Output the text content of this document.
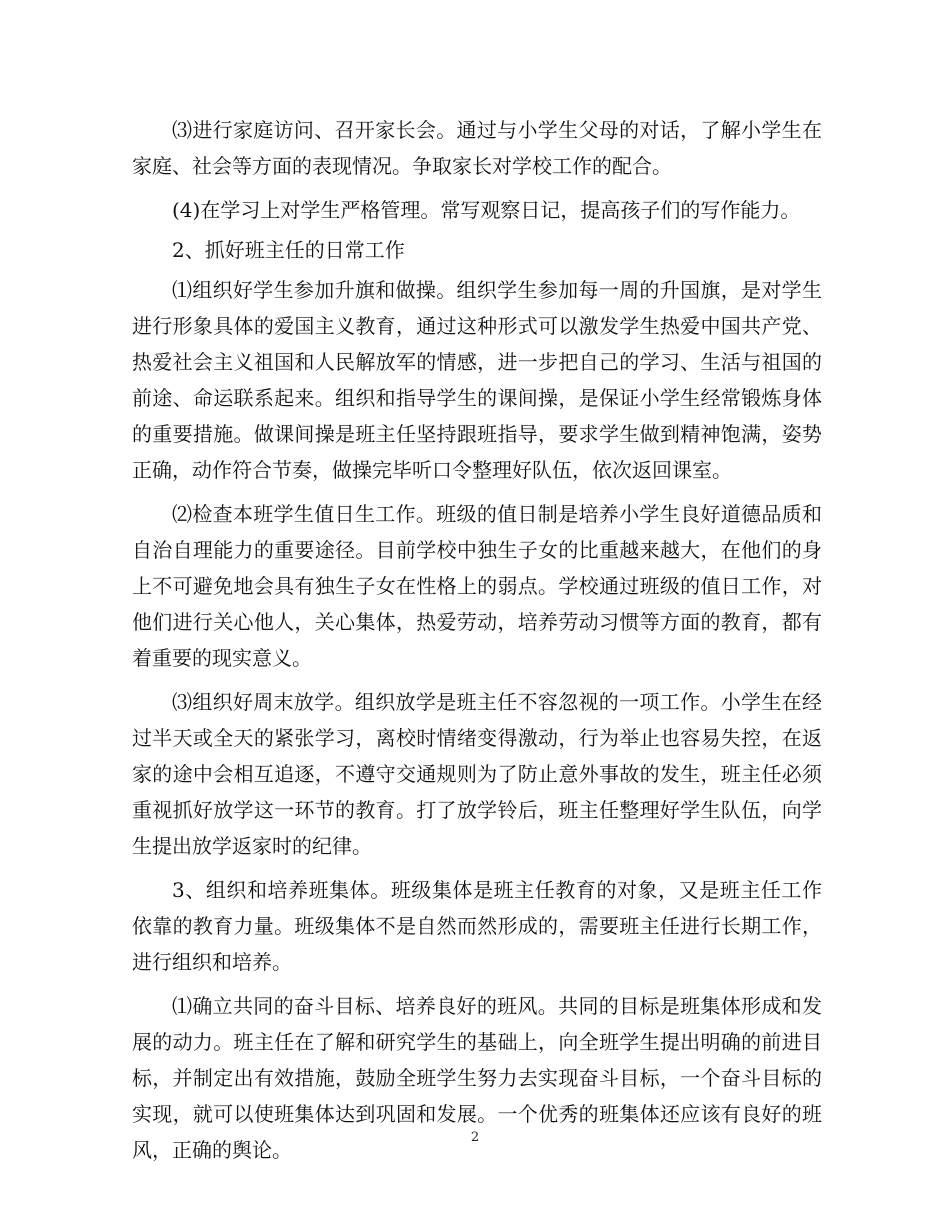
⑶进行家庭访问、召开家长会。通过与小学生父母的对话，了解小学生在家庭、社会等方面的表现情况。争取家长对学校工作的配合。

(4)在学习上对学生严格管理。常写观察日记，提高孩子们的写作能力。

2、抓好班主任的日常工作

⑴组织好学生参加升旗和做操。组织学生参加每一周的升国旗，是对学生进行形象具体的爱国主义教育，通过这种形式可以激发学生热爱中国共产党、热爱社会主义祖国和人民解放军的情感，进一步把自己的学习、生活与祖国的前途、命运联系起来。组织和指导学生的课间操，是保证小学生经常锻炼身体的重要措施。做课间操是班主任坚持跟班指导，要求学生做到精神饱满，姿势正确，动作符合节奏，做操完毕听口令整理好队伍，依次返回课室。

⑵检查本班学生值日生工作。班级的值日制是培养小学生良好道德品质和自治自理能力的重要途径。目前学校中独生子女的比重越来越大，在他们的身上不可避免地会具有独生子女在性格上的弱点。学校通过班级的值日工作，对他们进行关心他人，关心集体，热爱劳动，培养劳动习惯等方面的教育，都有着重要的现实意义。

⑶组织好周末放学。组织放学是班主任不容忽视的一项工作。小学生在经过半天或全天的紧张学习，离校时情绪变得激动，行为举止也容易失控，在返家的途中会相互追逐，不遵守交通规则为了防止意外事故的发生，班主任必须重视抓好放学这一环节的教育。打了放学铃后，班主任整理好学生队伍，向学生提出放学返家时的纪律。

3、组织和培养班集体。班级集体是班主任教育的对象，又是班主任工作依靠的教育力量。班级集体不是自然而然形成的，需要班主任进行长期工作，进行组织和培养。

⑴确立共同的奋斗目标、培养良好的班风。共同的目标是班集体形成和发展的动力。班主任在了解和研究学生的基础上，向全班学生提出明确的前进目标，并制定出有效措施，鼓励全班学生努力去实现奋斗目标，一个奋斗目标的实现，就可以使班集体达到巩固和发展。一个优秀的班集体还应该有良好的班风，正确的舆论。

2
